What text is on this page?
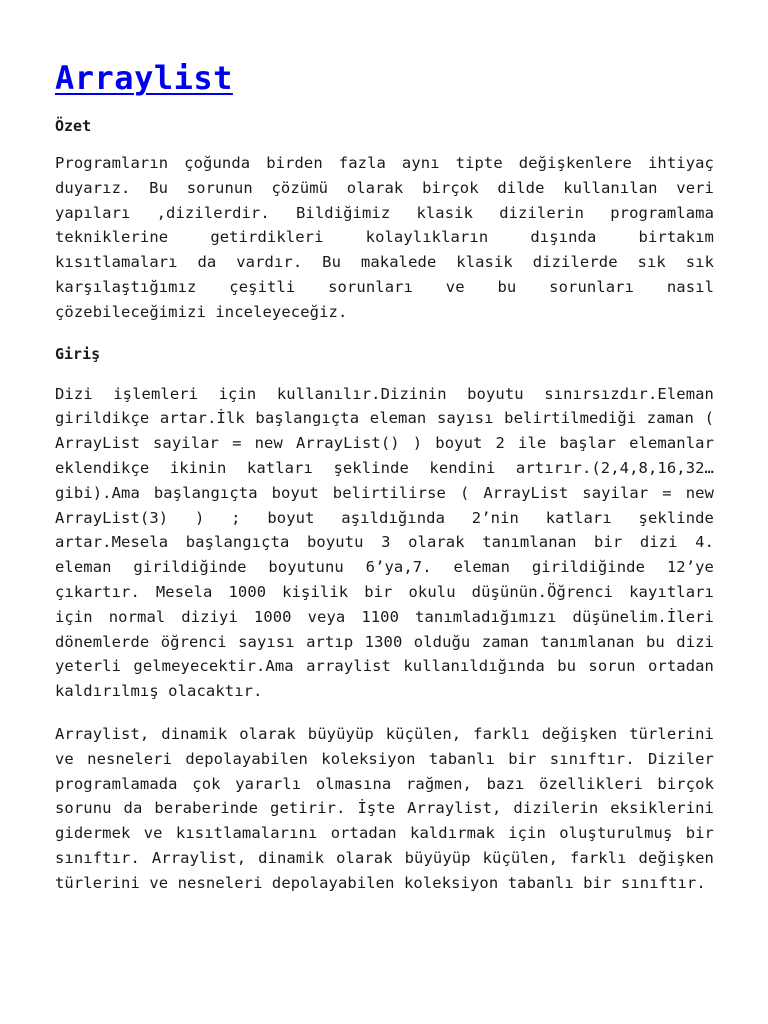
Arraylist
Özet

Programların çoğunda birden fazla aynı tipte değişkenlere ihtiyaç duyarız. Bu sorunun çözümü olarak birçok dilde kullanılan veri yapıları ,dizilerdir. Bildiğimiz klasik dizilerin programlama tekniklerine getirdikleri kolaylıkların dışında birtakım kısıtlamaları da vardır. Bu makalede klasik dizilerde sık sık karşılaştığımız çeşitli sorunları ve bu sorunları nasıl çözebileceğimizi inceleyeceğiz.

Giriş

Dizi işlemleri için kullanılır.Dizinin boyutu sınırsızdır.Eleman girildikçe artar.İlk başlangıçta eleman sayısı belirtilmediği zaman ( ArrayList sayilar = new ArrayList() ) boyut 2 ile başlar elemanlar eklendikçe ikinin katları şeklinde kendini artırır.(2,4,8,16,32… gibi).Ama başlangıçta boyut belirtilirse ( ArrayList sayilar = new ArrayList(3) ) ; boyut aşıldığında 2’nin katları şeklinde artar.Mesela başlangıçta boyutu 3 olarak tanımlanan bir dizi 4. eleman girildiğinde boyutunu 6’ya,7. eleman girildiğinde 12’ye çıkartır. Mesela 1000 kişilik bir okulu düşünün.Öğrenci kayıtları için normal diziyi 1000 veya 1100 tanımladığımızı düşünelim.İleri dönemlerde öğrenci sayısı artıp 1300 olduğu zaman tanımlanan bu dizi yeterli gelmeyecektir.Ama arraylist kullanıldığında bu sorun ortadan kaldırılmış olacaktır.

Arraylist, dinamik olarak büyüyüp küçülen, farklı değişken türlerini ve nesneleri depolayabilen koleksiyon tabanlı bir sınıftır. Diziler programlamada çok yararlı olmasına rağmen, bazı özellikleri birçok sorunu da beraberinde getirir. İşte Arraylist, dizilerin eksiklerini gidermek ve kısıtlamalarını ortadan kaldırmak için oluşturulmuş bir sınıftır. Arraylist, dinamik olarak büyüyüp küçülen, farklı değişken türlerini ve nesneleri depolayabilen koleksiyon tabanlı bir sınıftır.
